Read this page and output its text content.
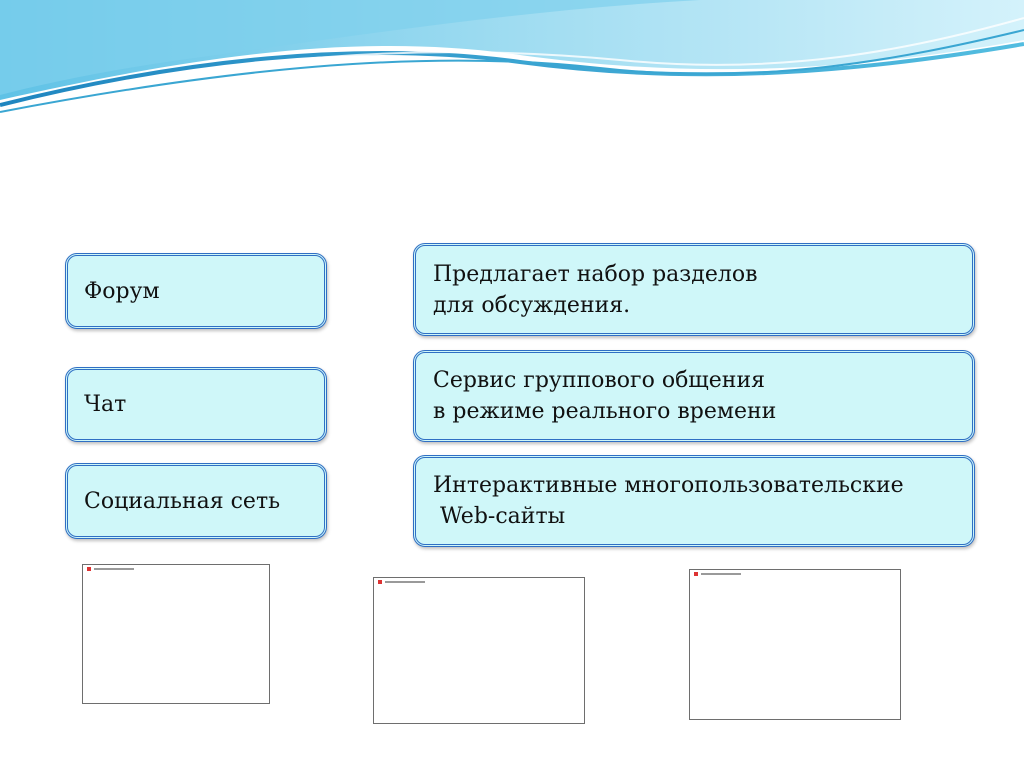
Форум
Чат
Социальная сеть
Предлагает набор разделов
для обсуждения.
Сервис группового общения
в режиме реального времени
Интерактивные многопользовательские
Web-сайты
